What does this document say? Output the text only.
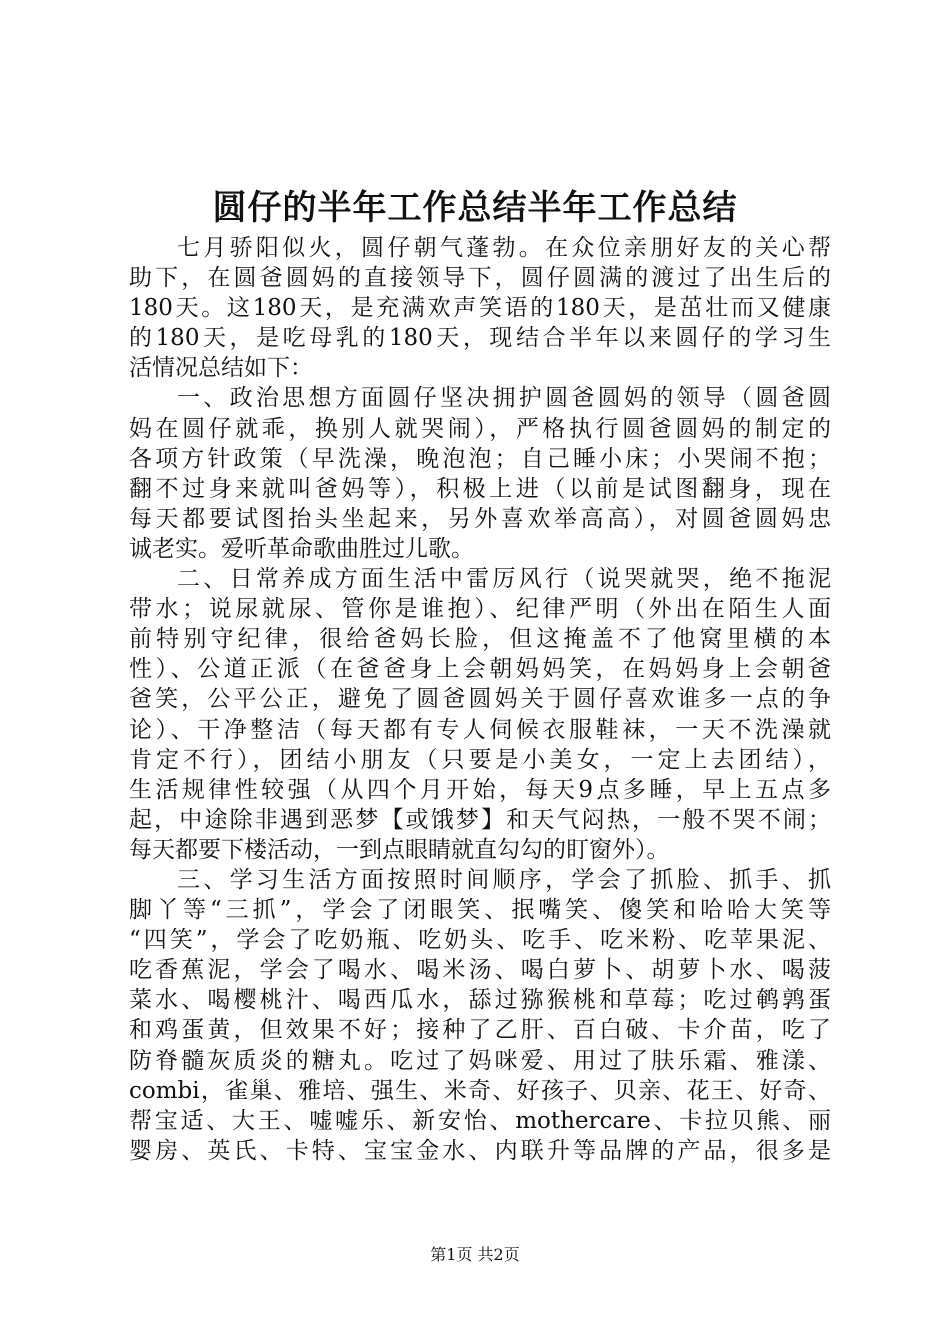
圆仔的半年工作总结半年工作总结
七月骄阳似火，圆仔朝气蓬勃。在众位亲朋好友的关心帮
助下，在圆爸圆妈的直接领导下，圆仔圆满的渡过了出生后的
180天。这180天，是充满欢声笑语的180天，是茁壮而又健康
的180天，是吃母乳的180天，现结合半年以来圆仔的学习生
活情况总结如下：
一、政治思想方面圆仔坚决拥护圆爸圆妈的领导（圆爸圆
妈在圆仔就乖，换别人就哭闹），严格执行圆爸圆妈的制定的
各项方针政策（早洗澡，晚泡泡；自己睡小床；小哭闹不抱；
翻不过身来就叫爸妈等），积极上进（以前是试图翻身，现在
每天都要试图抬头坐起来，另外喜欢举高高），对圆爸圆妈忠
诚老实。爱听革命歌曲胜过儿歌。
二、日常养成方面生活中雷厉风行（说哭就哭，绝不拖泥
带水；说尿就尿、管你是谁抱）、纪律严明（外出在陌生人面
前特别守纪律，很给爸妈长脸，但这掩盖不了他窝里横的本
性）、公道正派（在爸爸身上会朝妈妈笑，在妈妈身上会朝爸
爸笑，公平公正，避免了圆爸圆妈关于圆仔喜欢谁多一点的争
论）、干净整洁（每天都有专人伺候衣服鞋袜，一天不洗澡就
肯定不行），团结小朋友（只要是小美女，一定上去团结），
生活规律性较强（从四个月开始，每天9点多睡，早上五点多
起，中途除非遇到恶梦【或饿梦】和天气闷热，一般不哭不闹；
每天都要下楼活动，一到点眼睛就直勾勾的盯窗外）。
三、学习生活方面按照时间顺序，学会了抓脸、抓手、抓
脚丫等“三抓”，学会了闭眼笑、抿嘴笑、傻笑和哈哈大笑等
“四笑”，学会了吃奶瓶、吃奶头、吃手、吃米粉、吃苹果泥、
吃香蕉泥，学会了喝水、喝米汤、喝白萝卜、胡萝卜水、喝菠
菜水、喝樱桃汁、喝西瓜水，舔过猕猴桃和草莓；吃过鹌鹑蛋
和鸡蛋黄，但效果不好；接种了乙肝、百白破、卡介苗，吃了
防脊髓灰质炎的糖丸。吃过了妈咪爱、用过了肤乐霜、雅漾、
combi，雀巢、雅培、强生、米奇、好孩子、贝亲、花王、好奇、
帮宝适、大王、嘘嘘乐、新安怡、mothercare、卡拉贝熊、丽
婴房、英氏、卡特、宝宝金水、内联升等品牌的产品，很多是
第1页 共2页
